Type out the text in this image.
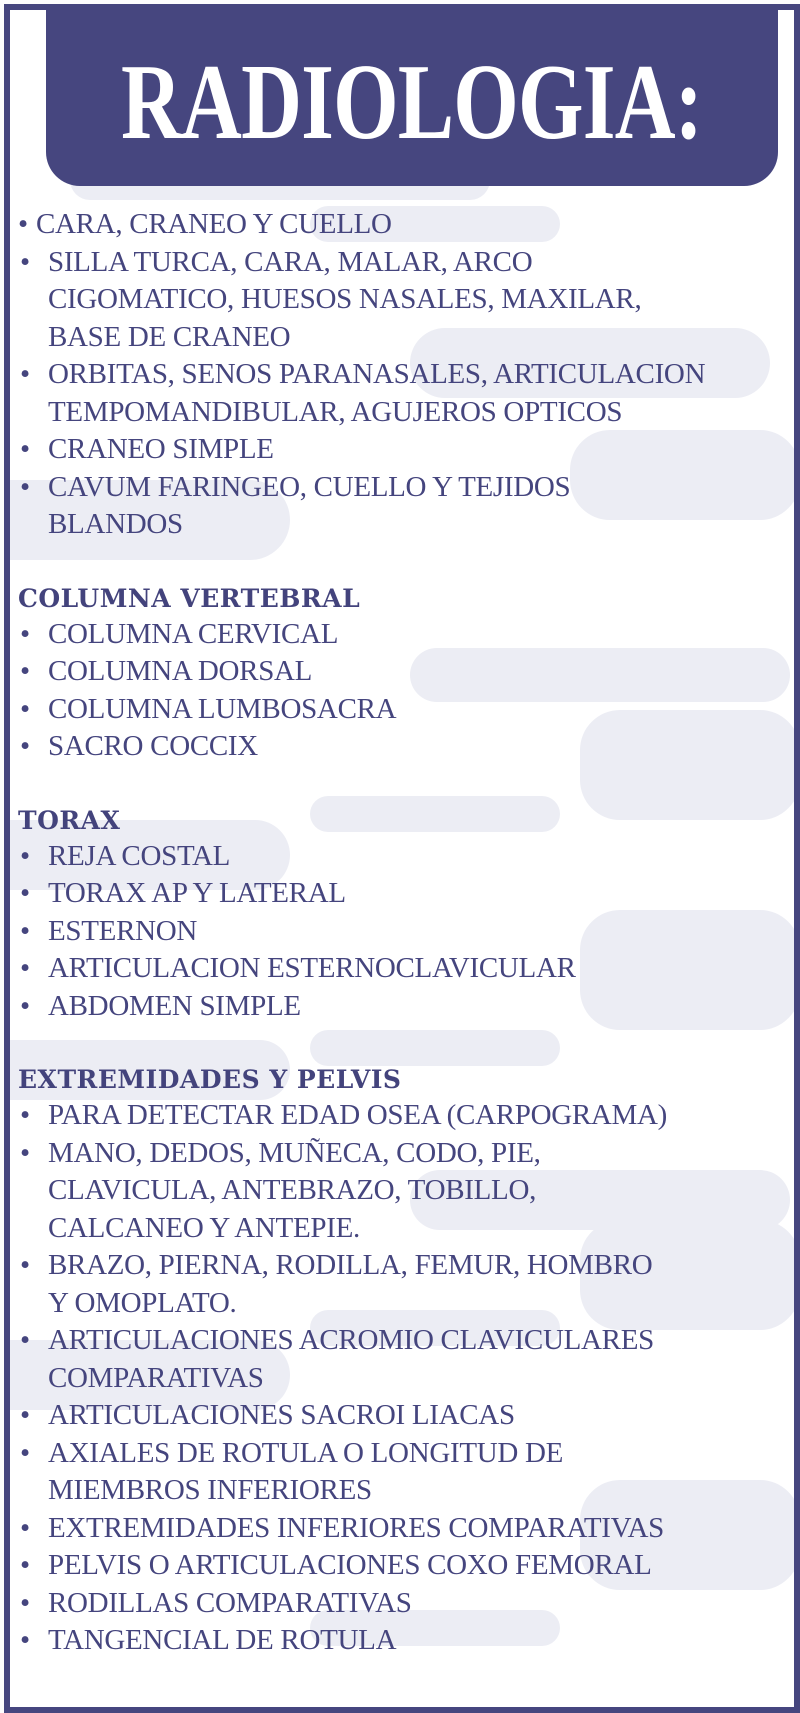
RADIOLOGIA:
• CARA, CRANEO Y CUELLO
• SILLA TURCA, CARA, MALAR, ARCO
CIGOMATICO, HUESOS NASALES, MAXILAR,
BASE DE CRANEO
• ORBITAS, SENOS PARANASALES, ARTICULACION
TEMPOMANDIBULAR, AGUJEROS OPTICOS
• CRANEO SIMPLE
• CAVUM FARINGEO, CUELLO Y TEJIDOS
BLANDOS
COLUMNA VERTEBRAL
• COLUMNA CERVICAL
• COLUMNA DORSAL
• COLUMNA LUMBOSACRA
• SACRO COCCIX
TORAX
• REJA COSTAL
• TORAX AP Y LATERAL
• ESTERNON
• ARTICULACION ESTERNOCLAVICULAR
• ABDOMEN SIMPLE
EXTREMIDADES Y PELVIS
• PARA DETECTAR EDAD OSEA (CARPOGRAMA)
• MANO, DEDOS, MUÑECA, CODO, PIE,
CLAVICULA, ANTEBRAZO, TOBILLO,
CALCANEO Y ANTEPIE.
• BRAZO, PIERNA, RODILLA, FEMUR, HOMBRO
Y OMOPLATO.
• ARTICULACIONES ACROMIO CLAVICULARES
COMPARATIVAS
• ARTICULACIONES SACROI LIACAS
• AXIALES DE ROTULA O LONGITUD DE
MIEMBROS INFERIORES
• EXTREMIDADES INFERIORES COMPARATIVAS
• PELVIS O ARTICULACIONES COXO FEMORAL
• RODILLAS COMPARATIVAS
• TANGENCIAL DE ROTULA
